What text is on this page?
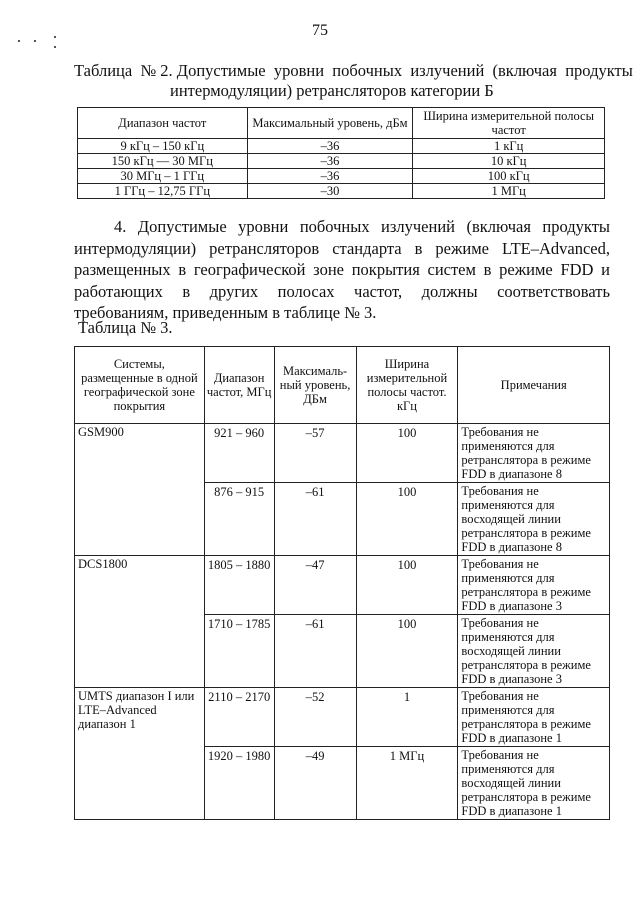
75
Таблица  № 2. Допустимые  уровни  побочных  излучений  (включая  продукты
интермодуляции) ретрансляторов категории Б
Диапазон частот	Максимальный уровень, дБм	Ширина измерительной полосы частот
9 кГц – 150 кГц	–36	1 кГц
150 кГц — 30 МГц	–36	10 кГц
30 МГц – 1 ГГц	–36	100 кГц
1 ГГц – 12,75 ГГц	–30	1 МГц
4. Допустимые уровни побочных излучений (включая продукты интермодуляции) ретрансляторов стандарта в режиме LTE–Advanced, размещенных в географической зоне покрытия систем в режиме FDD и работающих в других полосах частот, должны соответствовать требованиям, приведенным в таблице № 3.
Таблица № 3.
Системы, размещенные в одной географической зоне покрытия	Диапазон частот, МГц	Максималь-ный уровень, ДБм	Ширина измерительной полосы частот. кГц	Примечания
GSM900	921 – 960	–57	100	Требования не применяются для ретранслятора в режиме FDD в диапазоне 8
	876 – 915	–61	100	Требования не применяются для восходящей линии ретранслятора в режиме FDD в диапазоне 8
DCS1800	1805 – 1880	–47	100	Требования не применяются для ретранслятора в режиме FDD в диапазоне 3
	1710 – 1785	–61	100	Требования не применяются для восходящей линии ретранслятора в режиме FDD в диапазоне 3
UMTS диапазон I или LTE–Advanced диапазон 1	2110 – 2170	–52	1	Требования не применяются для ретранслятора в режиме FDD в диапазоне 1
	1920 – 1980	–49	1 МГц	Требования не применяются для восходящей линии ретранслятора в режиме FDD в диапазоне 1
